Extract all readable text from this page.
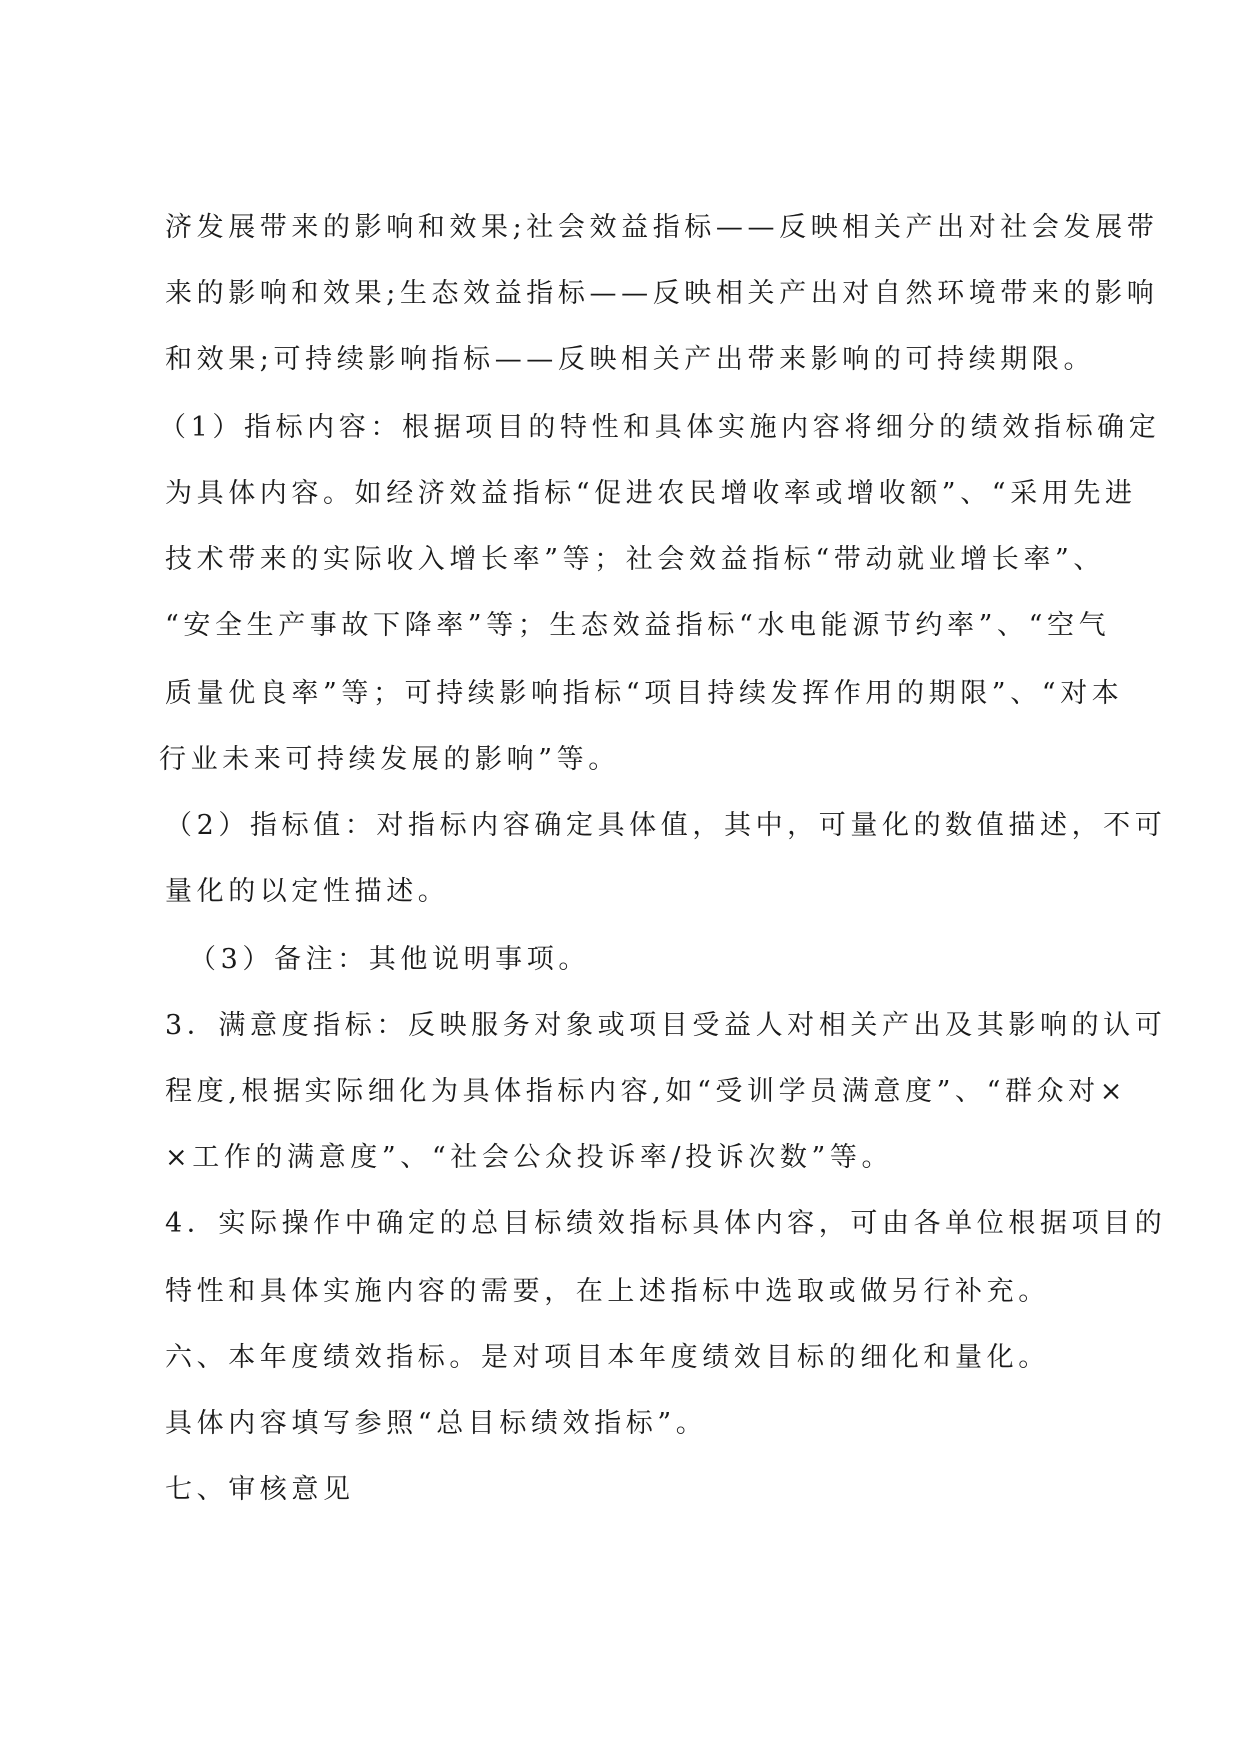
济发展带来的影响和效果;社会效益指标——反映相关产出对社会发展带
来的影响和效果;生态效益指标——反映相关产出对自然环境带来的影响
和效果;可持续影响指标——反映相关产出带来影响的可持续期限。
（1）指标内容：根据项目的特性和具体实施内容将细分的绩效指标确定
为具体内容。如经济效益指标“促进农民增收率或增收额”、“采用先进
技术带来的实际收入增长率”等；社会效益指标“带动就业增长率”、
“安全生产事故下降率”等；生态效益指标“水电能源节约率”、“空气
质量优良率”等；可持续影响指标“项目持续发挥作用的期限”、“对本
行业未来可持续发展的影响”等。
（2）指标值：对指标内容确定具体值，其中，可量化的数值描述，不可
量化的以定性描述。
（3）备注：其他说明事项。
3．满意度指标：反映服务对象或项目受益人对相关产出及其影响的认可
程度,根据实际细化为具体指标内容,如“受训学员满意度”、“群众对×
×工作的满意度”、“社会公众投诉率/投诉次数”等。
4．实际操作中确定的总目标绩效指标具体内容，可由各单位根据项目的
特性和具体实施内容的需要，在上述指标中选取或做另行补充。
六、本年度绩效指标。是对项目本年度绩效目标的细化和量化。
具体内容填写参照“总目标绩效指标”。
七、审核意见
